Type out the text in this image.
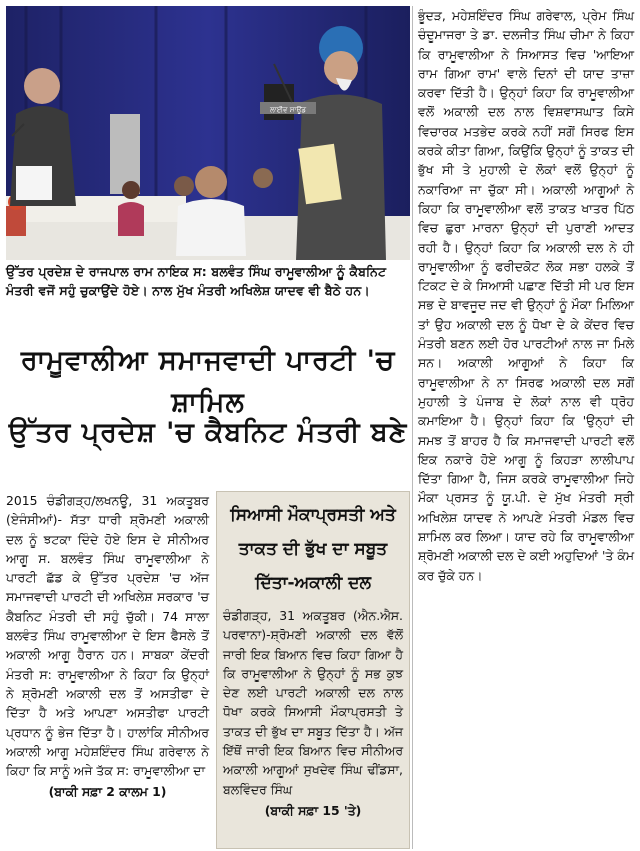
ਲਾਈਵ ਸਾਊਂਡ
ਉੱਤਰ ਪ੍ਰਦੇਸ਼ ਦੇ ਰਾਜਪਾਲ ਰਾਮ ਨਾਇਕ ਸ: ਬਲਵੰਤ ਸਿੰਘ ਰਾਮੂਵਾਲੀਆ ਨੂੰ ਕੈਬਨਿਟ ਮੰਤਰੀ ਵਜੋਂ ਸਹੁੰ ਚੁਕਾਉਂਦੇ ਹੋਏ। ਨਾਲ ਮੁੱਖ ਮੰਤਰੀ ਅਖਿਲੇਸ਼ ਯਾਦਵ ਵੀ ਬੈਠੇ ਹਨ।
ਰਾਮੂਵਾਲੀਆ ਸਮਾਜਵਾਦੀ ਪਾਰਟੀ 'ਚ ਸ਼ਾਮਿਲ
ਉੱਤਰ ਪ੍ਰਦੇਸ਼ 'ਚ ਕੈਬਨਿਟ ਮੰਤਰੀ ਬਣੇ
2015 ਚੰਡੀਗੜ੍ਹ/ਲਖਨਊ, 31 ਅਕਤੂਬਰ (ਏਜੰਸੀਆਂ)- ਸੱਤਾ ਧਾਰੀ ਸ਼੍ਰੋਮਣੀ ਅਕਾਲੀ ਦਲ ਨੂੰ ਝਟਕਾ ਦਿੰਦੇ ਹੋਏ ਇਸ ਦੇ ਸੀਨੀਅਰ ਆਗੂ ਸ. ਬਲਵੰਤ ਸਿੰਘ ਰਾਮੂਵਾਲੀਆ ਨੇ ਪਾਰਟੀ ਛੱਡ ਕੇ ਉੱਤਰ ਪ੍ਰਦੇਸ਼ 'ਚ ਅੱਜ ਸਮਾਜਵਾਦੀ ਪਾਰਟੀ ਦੀ ਅਖਿਲੇਸ਼ ਸਰਕਾਰ 'ਚ ਕੈਬਨਿਟ ਮੰਤਰੀ ਦੀ ਸਹੁੰ ਚੁੱਕੀ। 74 ਸਾਲਾ ਬਲਵੰਤ ਸਿੰਘ ਰਾਮੂਵਾਲੀਆ ਦੇ ਇਸ ਫੈਸਲੇ ਤੋਂ ਅਕਾਲੀ ਆਗੂ ਹੈਰਾਨ ਹਨ। ਸਾਬਕਾ ਕੇਂਦਰੀ ਮੰਤਰੀ ਸ: ਰਾਮੂਵਾਲੀਆ ਨੇ ਕਿਹਾ ਕਿ ਉਨ੍ਹਾਂ ਨੇ ਸ਼੍ਰੋਮਣੀ ਅਕਾਲੀ ਦਲ ਤੋਂ ਅਸਤੀਫਾ ਦੇ ਦਿੱਤਾ ਹੈ ਅਤੇ ਆਪਣਾ ਅਸਤੀਫਾ ਪਾਰਟੀ ਪ੍ਰਧਾਨ ਨੂੰ ਭੇਜ ਦਿੱਤਾ ਹੈ। ਹਾਲਾਂਕਿ ਸੀਨੀਅਰ ਅਕਾਲੀ ਆਗੂ ਮਹੇਸ਼ਇੰਦਰ ਸਿੰਘ ਗਰੇਵਾਲ ਨੇ ਕਿਹਾ ਕਿ ਸਾਨੂੰ ਅਜੇ ਤੱਕ ਸ: ਰਾਮੂਵਾਲੀਆ ਦਾ
(ਬਾਕੀ ਸਫ਼ਾ 2 ਕਾਲਮ 1)
ਸਿਆਸੀ ਮੌਕਾਪ੍ਰਸਤੀ ਅਤੇ ਤਾਕਤ ਦੀ ਭੁੱਖ ਦਾ ਸਬੂਤ ਦਿੱਤਾ-ਅਕਾਲੀ ਦਲ
ਚੰਡੀਗੜ੍ਹ, 31 ਅਕਤੂਬਰ (ਐਨ.ਐਸ. ਪਰਵਾਨਾ)-ਸ਼੍ਰੋਮਣੀ ਅਕਾਲੀ ਦਲ ਵੱਲੋਂ ਜਾਰੀ ਇਕ ਬਿਆਨ ਵਿਚ ਕਿਹਾ ਗਿਆ ਹੈ ਕਿ ਰਾਮੂਵਾਲੀਆ ਨੇ ਉਨ੍ਹਾਂ ਨੂੰ ਸਭ ਕੁਝ ਦੇਣ ਲਈ ਪਾਰਟੀ ਅਕਾਲੀ ਦਲ ਨਾਲ ਧੋਖਾ ਕਰਕੇ ਸਿਆਸੀ ਮੌਕਾਪ੍ਰਸਤੀ ਤੇ ਤਾਕਤ ਦੀ ਭੁੱਖ ਦਾ ਸਬੂਤ ਦਿੱਤਾ ਹੈ। ਅੱਜ ਇੱਥੋਂ ਜਾਰੀ ਇਕ ਬਿਆਨ ਵਿਚ ਸੀਨੀਅਰ ਅਕਾਲੀ ਆਗੂਆਂ ਸੁਖਦੇਵ ਸਿੰਘ ਢੀਂਡਸਾ, ਬਲਵਿੰਦਰ ਸਿੰਘ
(ਬਾਕੀ ਸਫ਼ਾ 15 'ਤੇ)
ਭੂੰਦੜ, ਮਹੇਸ਼ਇੰਦਰ ਸਿੰਘ ਗਰੇਵਾਲ, ਪ੍ਰੇਮ ਸਿੰਘ ਚੰਦੂਮਾਜਰਾ ਤੇ ਡਾ. ਦਲਜੀਤ ਸਿੰਘ ਚੀਮਾ ਨੇ ਕਿਹਾ ਕਿ ਰਾਮੂਵਾਲੀਆ ਨੇ ਸਿਆਸਤ ਵਿਚ 'ਆਇਆ ਰਾਮ ਗਿਆ ਰਾਮ' ਵਾਲੇ ਦਿਨਾਂ ਦੀ ਯਾਦ ਤਾਜ਼ਾ ਕਰਵਾ ਦਿੱਤੀ ਹੈ। ਉਨ੍ਹਾਂ ਕਿਹਾ ਕਿ ਰਾਮੂਵਾਲੀਆ ਵਲੋਂ ਅਕਾਲੀ ਦਲ ਨਾਲ ਵਿਸ਼ਵਾਸਘਾਤ ਕਿਸੇ ਵਿਚਾਰਕ ਮਤਭੇਦ ਕਰਕੇ ਨਹੀਂ ਸਗੋਂ ਸਿਰਫ ਇਸ ਕਰਕੇ ਕੀਤਾ ਗਿਆ, ਕਿਉਂਕਿ ਉਨ੍ਹਾਂ ਨੂੰ ਤਾਕਤ ਦੀ ਭੁੱਖ ਸੀ ਤੇ ਮੁਹਾਲੀ ਦੇ ਲੋਕਾਂ ਵਲੋਂ ਉਨ੍ਹਾਂ ਨੂੰ ਨਕਾਰਿਆ ਜਾ ਚੁੱਕਾ ਸੀ। ਅਕਾਲੀ ਆਗੂਆਂ ਨੇ ਕਿਹਾ ਕਿ ਰਾਮੂਵਾਲੀਆ ਵਲੋਂ ਤਾਕਤ ਖਾਤਰ ਪਿੱਠ ਵਿਚ ਛੁਰਾ ਮਾਰਨਾ ਉਨ੍ਹਾਂ ਦੀ ਪੁਰਾਣੀ ਆਦਤ ਰਹੀ ਹੈ। ਉਨ੍ਹਾਂ ਕਿਹਾ ਕਿ ਅਕਾਲੀ ਦਲ ਨੇ ਹੀ ਰਾਮੂਵਾਲੀਆ ਨੂੰ ਫਰੀਦਕੋਟ ਲੋਕ ਸਭਾ ਹਲਕੇ ਤੋਂ ਟਿਕਟ ਦੇ ਕੇ ਸਿਆਸੀ ਪਛਾਣ ਦਿੱਤੀ ਸੀ ਪਰ ਇਸ ਸਭ ਦੇ ਬਾਵਜੂਦ ਜਦ ਵੀ ਉਨ੍ਹਾਂ ਨੂੰ ਮੌਕਾ ਮਿਲਿਆ ਤਾਂ ਉਹ ਅਕਾਲੀ ਦਲ ਨੂੰ ਧੋਖਾ ਦੇ ਕੇ ਕੇਂਦਰ ਵਿਚ ਮੰਤਰੀ ਬਣਨ ਲਈ ਹੋਰ ਪਾਰਟੀਆਂ ਨਾਲ ਜਾ ਮਿਲੇ ਸਨ। ਅਕਾਲੀ ਆਗੂਆਂ ਨੇ ਕਿਹਾ ਕਿ ਰਾਮੂਵਾਲੀਆ ਨੇ ਨਾ ਸਿਰਫ ਅਕਾਲੀ ਦਲ ਸਗੋਂ ਮੁਹਾਲੀ ਤੇ ਪੰਜਾਬ ਦੇ ਲੋਕਾਂ ਨਾਲ ਵੀ ਧ੍ਰੋਹ ਕਮਾਇਆ ਹੈ। ਉਨ੍ਹਾਂ ਕਿਹਾ ਕਿ 'ਉਨ੍ਹਾਂ ਦੀ ਸਮਝ ਤੋਂ ਬਾਹਰ ਹੈ ਕਿ ਸਮਾਜਵਾਦੀ ਪਾਰਟੀ ਵਲੋਂ ਇਕ ਨਕਾਰੇ ਹੋਏ ਆਗੂ ਨੂੰ ਕਿਹੜਾ ਲਾਲੀਪਾਪ ਦਿੱਤਾ ਗਿਆ ਹੈ, ਜਿਸ ਕਰਕੇ ਰਾਮੂਵਾਲੀਆ ਜਿਹੇ ਮੌਕਾ ਪ੍ਰਸਤ ਨੂੰ ਯੂ.ਪੀ. ਦੇ ਮੁੱਖ ਮੰਤਰੀ ਸ੍ਰੀ ਅਖਿਲੇਸ਼ ਯਾਦਵ ਨੇ ਆਪਣੇ ਮੰਤਰੀ ਮੰਡਲ ਵਿਚ ਸ਼ਾਮਿਲ ਕਰ ਲਿਆ। ਯਾਦ ਰਹੇ ਕਿ ਰਾਮੂਵਾਲੀਆ ਸ਼੍ਰੋਮਣੀ ਅਕਾਲੀ ਦਲ ਦੇ ਕਈ ਅਹੁਦਿਆਂ 'ਤੇ ਕੰਮ ਕਰ ਚੁੱਕੇ ਹਨ।
